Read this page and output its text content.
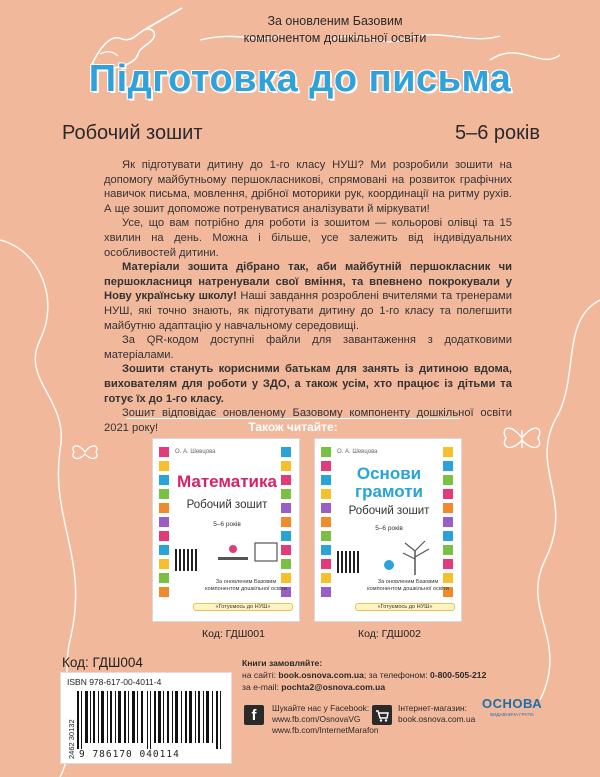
За оновленим Базовим
компонентом дошкільної освіти
Підготовка до письма
Робочий зошит	5–6 років

Як підготувати дитину до 1-го класу НУШ? Ми розробили зошити на допомогу майбутньому першокласникові, спрямовані на розвиток графічних навичок письма, мовлення, дрібної моторики рук, координації на ритму рухів. А ще зошит допоможе потренуватися аналізувати й міркувати!

Усе, що вам потрібно для роботи із зошитом — кольорові олівці та 15 хвилин на день. Можна і більше, усе залежить від індивідуальних особливостей дитини.

Матеріали зошита дібрано так, аби майбутній першокласник чи першокласниця натренували свої вміння, та впевнено покрокували у Нову українську школу! Наші завдання розроблені вчителями та тренерами НУШ, які точно знають, як підготувати дитину до 1-го класу та полегшити майбутню адаптацію у навчальному середовищі.

За QR-кодом доступні файли для завантаження з додатковими матеріалами.

Зошити стануть корисними батькам для занять із дитиною вдома, вихователям для роботи у ЗДО, а також усім, хто працює із дітьми та готує їх до 1-го класу.

Зошит відповідає оновленому Базовому компоненту дошкільної освіти 2021 року!	Також читайте:
О. А. Шевцова
Математика
Робочий зошит
5–6 років
За оновленим Базовим компонентом дошкільної освіти
«Готуємось до НУШ»
Код: ГДШ001
О. А. Шевцова
Основи
грамоти
Робочий зошит
5–6 років
За оновленим Базовим компонентом дошкільної освіти
«Готуємось до НУШ»
Код: ГДШ002
Код: ГДШ004
ISBN 978-617-00-4011-4
9 786170 040114
2462 30132
Книги замовляйте:
на сайті: book.osnova.com.ua; за телефоном: 0-800-505-212
за e-mail: pochta2@osnova.com.ua
f	Шукайте нас у Facebook:
www.fb.com/OsnovaVG
www.fb.com/InternetMarafon
Інтернет-магазин:
book.osnova.com.ua
ОСНОВА
ВИДАВНИЧА ГРУПА
